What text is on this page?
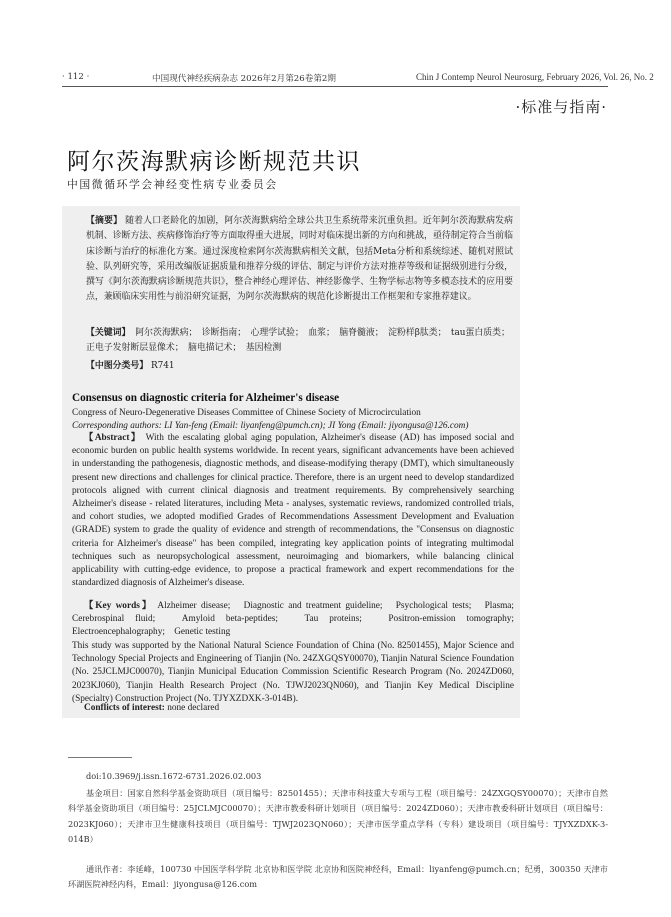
· 112 ·	中国现代神经疾病杂志 2026年2月第26卷第2期	Chin J Contemp Neurol Neurosurg, February 2026, Vol. 26, No. 2
·标准与指南·
阿尔茨海默病诊断规范共识
中国微循环学会神经变性病专业委员会
【摘要】 随着人口老龄化的加剧，阿尔茨海默病给全球公共卫生系统带来沉重负担。近年阿尔茨海默病发病机制、诊断方法、疾病修饰治疗等方面取得重大进展，同时对临床提出新的方向和挑战，亟待制定符合当前临床诊断与治疗的标准化方案。通过深度检索阿尔茨海默病相关文献，包括Meta分析和系统综述、随机对照试验、队列研究等，采用改编版证据质量和推荐分级的评估、制定与评价方法对推荐等级和证据级别进行分级，撰写《阿尔茨海默病诊断规范共识》，整合神经心理评估、神经影像学、生物学标志物等多模态技术的应用要点，兼顾临床实用性与前沿研究证据，为阿尔茨海默病的规范化诊断提出工作框架和专家推荐建议。
【关键词】 阿尔茨海默病；　诊断指南；　心理学试验；　血浆；　脑脊髓液；　淀粉样β肽类；　tau蛋白质类；　正电子发射断层显像术；　脑电描记术；　基因检测
【中图分类号】 R741
Consensus on diagnostic criteria for Alzheimer's disease
Congress of Neuro-Degenerative Diseases Committee of Chinese Society of Microcirculation
Corresponding authors: LI Yan-feng (Email: liyanfeng@pumch.cn); JI Yong (Email: jiyongusa@126.com)
【Abstract】 With the escalating global aging population, Alzheimer's disease (AD) has imposed social and economic burden on public health systems worldwide. In recent years, significant advancements have been achieved in understanding the pathogenesis, diagnostic methods, and disease-modifying therapy (DMT), which simultaneously present new directions and challenges for clinical practice. Therefore, there is an urgent need to develop standardized protocols aligned with current clinical diagnosis and treatment requirements. By comprehensively searching Alzheimer's disease - related literatures, including Meta - analyses, systematic reviews, randomized controlled trials, and cohort studies, we adopted modified Grades of Recommendations Assessment Development and Evaluation (GRADE) system to grade the quality of evidence and strength of recommendations, the "Consensus on diagnostic criteria for Alzheimer's disease" has been compiled, integrating key application points of integrating multimodal techniques such as neuropsychological assessment, neuroimaging and biomarkers, while balancing clinical applicability with cutting-edge evidence, to propose a practical framework and expert recommendations for the standardized diagnosis of Alzheimer's disease.
【Key words】 Alzheimer disease;　Diagnostic and treatment guideline;　Psychological tests;　Plasma;　Cerebrospinal fluid;　Amyloid beta-peptides;　Tau proteins;　Positron-emission tomography;　Electroencephalography;　Genetic testing
This study was supported by the National Natural Science Foundation of China (No. 82501455), Major Science and Technology Special Projects and Engineering of Tianjin (No. 24ZXGQSY00070), Tianjin Natural Science Foundation (No. 25JCLMJC00070), Tianjin Municipal Education Commission Scientific Research Program (No. 2024ZD060, 2023KJ060), Tianjin Health Research Project (No. TJWJ2023QN060), and Tianjin Key Medical Discipline (Specialty) Construction Project (No. TJYXZDXK-3-014B).
Conflicts of interest: none declared
doi:10.3969/j.issn.1672-6731.2026.02.003
基金项目：国家自然科学基金资助项目（项目编号：82501455）；天津市科技重大专项与工程（项目编号：24ZXGQSY00070）；天津市自然科学基金资助项目（项目编号：25JCLMJC00070）；天津市教委科研计划项目（项目编号：2024ZD060）；天津市教委科研计划项目（项目编号：2023KJ060）；天津市卫生健康科技项目（项目编号：TJWJ2023QN060）；天津市医学重点学科（专科）建设项目（项目编号：TJYXZDXK-3-014B）
通讯作者：李延峰，100730 中国医学科学院 北京协和医学院 北京协和医院神经科，Email：liyanfeng@pumch.cn；纪勇，300350 天津市环湖医院神经内科，Email：jiyongusa@126.com
